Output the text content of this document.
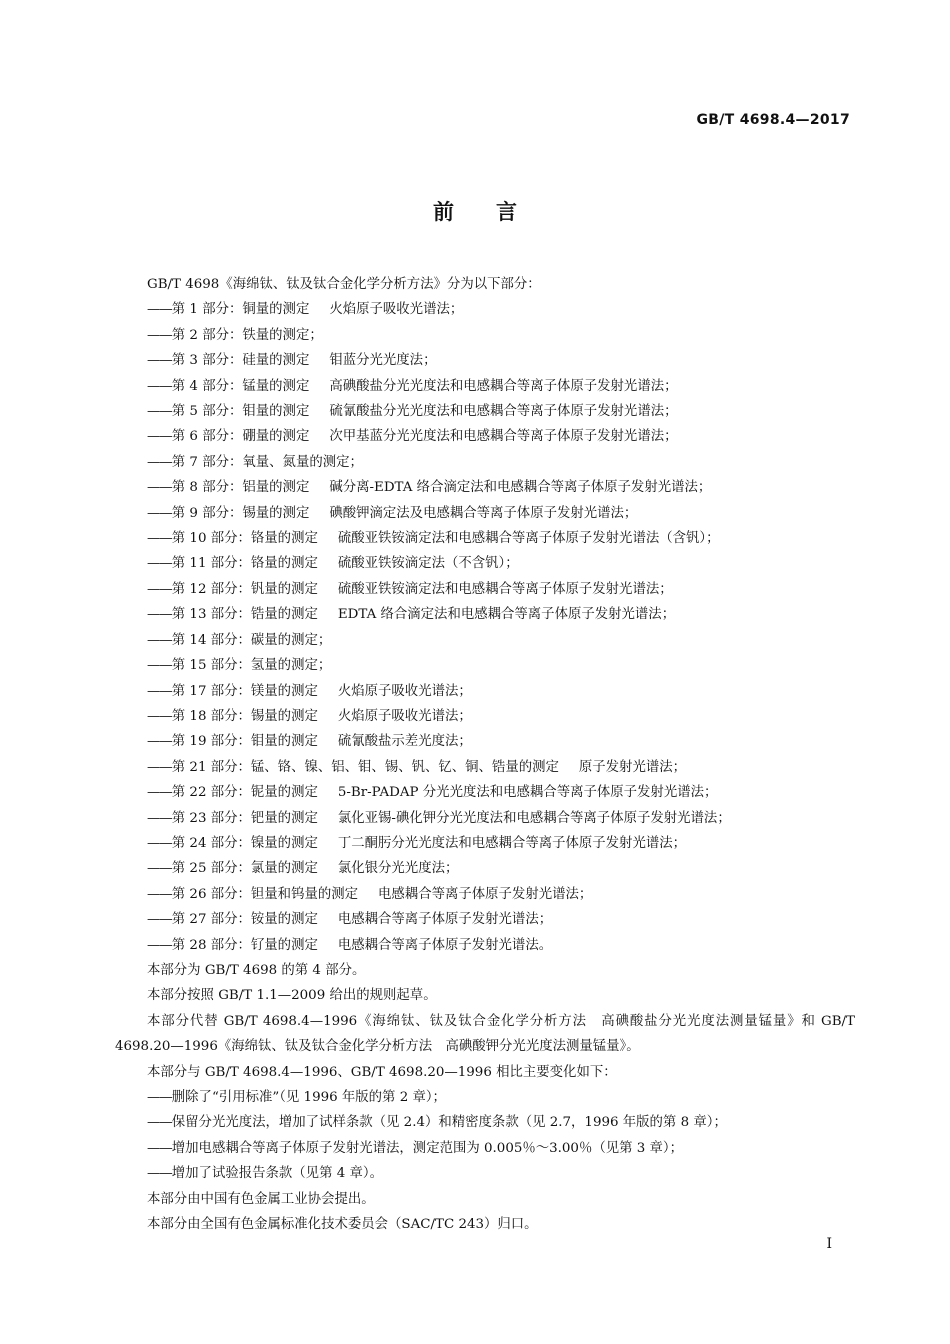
GB/T 4698.4—2017
前言
GB/T 4698《海绵钛、钛及钛合金化学分析方法》分为以下部分：
——第 1 部分：铜量的测定 火焰原子吸收光谱法；
——第 2 部分：铁量的测定；
——第 3 部分：硅量的测定 钼蓝分光光度法；
——第 4 部分：锰量的测定 高碘酸盐分光光度法和电感耦合等离子体原子发射光谱法；
——第 5 部分：钼量的测定 硫氰酸盐分光光度法和电感耦合等离子体原子发射光谱法；
——第 6 部分：硼量的测定 次甲基蓝分光光度法和电感耦合等离子体原子发射光谱法；
——第 7 部分：氧量、氮量的测定；
——第 8 部分：铝量的测定 碱分离-EDTA 络合滴定法和电感耦合等离子体原子发射光谱法；
——第 9 部分：锡量的测定 碘酸钾滴定法及电感耦合等离子体原子发射光谱法；
——第 10 部分：铬量的测定 硫酸亚铁铵滴定法和电感耦合等离子体原子发射光谱法（含钒）；
——第 11 部分：铬量的测定 硫酸亚铁铵滴定法（不含钒）；
——第 12 部分：钒量的测定 硫酸亚铁铵滴定法和电感耦合等离子体原子发射光谱法；
——第 13 部分：锆量的测定 EDTA 络合滴定法和电感耦合等离子体原子发射光谱法；
——第 14 部分：碳量的测定；
——第 15 部分：氢量的测定；
——第 17 部分：镁量的测定 火焰原子吸收光谱法；
——第 18 部分：锡量的测定 火焰原子吸收光谱法；
——第 19 部分：钼量的测定 硫氰酸盐示差光度法；
——第 21 部分：锰、铬、镍、铝、钼、锡、钒、钇、铜、锆量的测定 原子发射光谱法；
——第 22 部分：铌量的测定 5-Br-PADAP 分光光度法和电感耦合等离子体原子发射光谱法；
——第 23 部分：钯量的测定 氯化亚锡-碘化钾分光光度法和电感耦合等离子体原子发射光谱法；
——第 24 部分：镍量的测定 丁二酮肟分光光度法和电感耦合等离子体原子发射光谱法；
——第 25 部分：氯量的测定 氯化银分光光度法；
——第 26 部分：钽量和钨量的测定 电感耦合等离子体原子发射光谱法；
——第 27 部分：铵量的测定 电感耦合等离子体原子发射光谱法；
——第 28 部分：钌量的测定 电感耦合等离子体原子发射光谱法。
本部分为 GB/T 4698 的第 4 部分。
本部分按照 GB/T 1.1—2009 给出的规则起草。
本部分代替 GB/T 4698.4—1996《海绵钛、钛及钛合金化学分析方法　高碘酸盐分光光度法测量锰量》和 GB/T 4698.20—1996《海绵钛、钛及钛合金化学分析方法　高碘酸钾分光光度法测量锰量》。
本部分与 GB/T 4698.4—1996、GB/T 4698.20—1996 相比主要变化如下：
——删除了“引用标准”（见 1996 年版的第 2 章）；
——保留分光光度法，增加了试样条款（见 2.4）和精密度条款（见 2.7，1996 年版的第 8 章）；
——增加电感耦合等离子体原子发射光谱法，测定范围为 0.005％～3.00％（见第 3 章）；
——增加了试验报告条款（见第 4 章）。
本部分由中国有色金属工业协会提出。
本部分由全国有色金属标准化技术委员会（SAC/TC 243）归口。
Ⅰ
